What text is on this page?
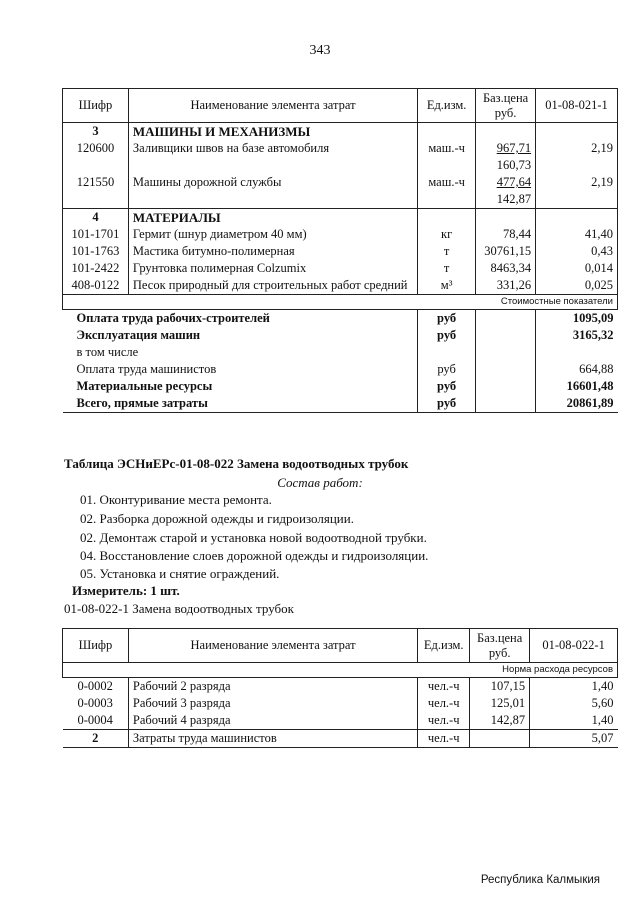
343
Шифр	Наименование элемента затрат	Ед.изм.	Баз.цена руб.	01-08-021-1
3	МАШИНЫ И МЕХАНИЗМЫ			
120600	Заливщики швов на базе автомобиля	маш.-ч	967,71	2,19
			160,73	
121550	Машины дорожной службы	маш.-ч	477,64	2,19
			142,87	
4	МАТЕРИАЛЫ			
101-1701	Гермит (шнур диаметром 40 мм)	кг	78,44	41,40
101-1763	Мастика битумно-полимерная	т	30761,15	0,43
101-2422	Грунтовка полимерная Colzumix	т	8463,34	0,014
408-0122	Песок природный для строительных работ средний	м³	331,26	0,025
Стоимостные показатели				
Оплата труда рабочих-строителей		руб		1095,09
Эксплуатация машин		руб		3165,32
в том числе				
Оплата труда машинистов		руб		664,88
Материальные ресурсы		руб		16601,48
Всего, прямые затраты		руб		20861,89
Таблица ЭСНиЕРс-01-08-022 Замена водоотводных трубок
Состав работ:
01. Оконтуривание места ремонта.
02. Разборка дорожной одежды и гидроизоляции.
02. Демонтаж старой и установка новой водоотводной трубки.
04. Восстановление слоев дорожной одежды и гидроизоляции.
05. Установка и снятие ограждений.
Измеритель: 1 шт.
01-08-022-1 Замена водоотводных трубок
Шифр	Наименование элемента затрат	Ед.изм.	Баз.цена руб.	01-08-022-1
Норма расхода ресурсов				
0-0002	Рабочий 2 разряда	чел.-ч	107,15	1,40
0-0003	Рабочий 3 разряда	чел.-ч	125,01	5,60
0-0004	Рабочий 4 разряда	чел.-ч	142,87	1,40
2	Затраты труда машинистов	чел.-ч		5,07
Республика Калмыкия
